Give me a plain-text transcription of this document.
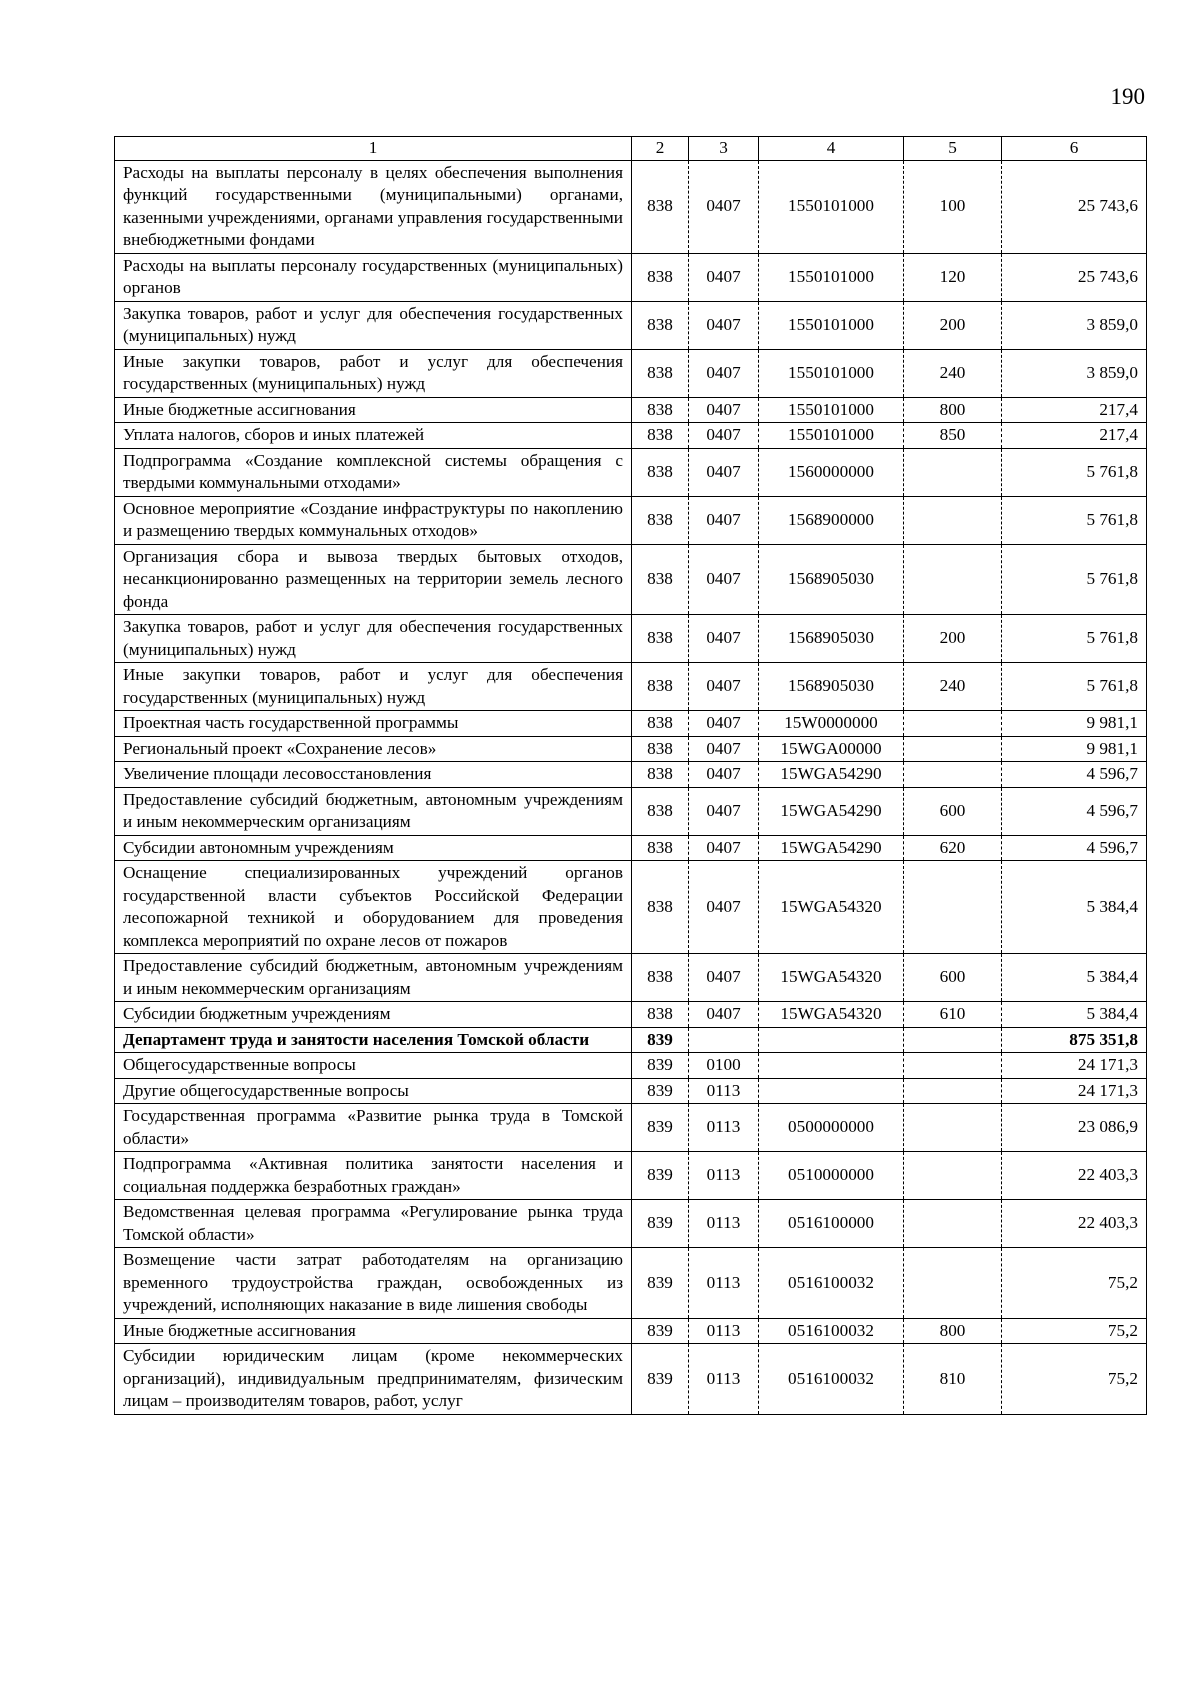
190
1	2	3	4	5	6
Расходы на выплаты персоналу в целях обеспечения выполнения функций государственными (муниципальными) органами, казенными учреждениями, органами управления государственными внебюджетными фондами	838	0407	1550101000	100	25 743,6
Расходы на выплаты персоналу государственных (муниципальных) органов	838	0407	1550101000	120	25 743,6
Закупка товаров, работ и услуг для обеспечения государственных (муниципальных) нужд	838	0407	1550101000	200	3 859,0
Иные закупки товаров, работ и услуг для обеспечения государственных (муниципальных) нужд	838	0407	1550101000	240	3 859,0
Иные бюджетные ассигнования	838	0407	1550101000	800	217,4
Уплата налогов, сборов и иных платежей	838	0407	1550101000	850	217,4
Подпрограмма «Создание комплексной системы обращения с твердыми коммунальными отходами»	838	0407	1560000000		5 761,8
Основное мероприятие «Создание инфраструктуры по накоплению и размещению твердых коммунальных отходов»	838	0407	1568900000		5 761,8
Организация сбора и вывоза твердых бытовых отходов, несанкционированно размещенных на территории земель лесного фонда	838	0407	1568905030		5 761,8
Закупка товаров, работ и услуг для обеспечения государственных (муниципальных) нужд	838	0407	1568905030	200	5 761,8
Иные закупки товаров, работ и услуг для обеспечения государственных (муниципальных) нужд	838	0407	1568905030	240	5 761,8
Проектная часть государственной программы	838	0407	15W0000000		9 981,1
Региональный проект «Сохранение лесов»	838	0407	15WGA00000		9 981,1
Увеличение площади лесовосстановления	838	0407	15WGA54290		4 596,7
Предоставление субсидий бюджетным, автономным учреждениям и иным некоммерческим организациям	838	0407	15WGA54290	600	4 596,7
Субсидии автономным учреждениям	838	0407	15WGA54290	620	4 596,7
Оснащение специализированных учреждений органов государственной власти субъектов Российской Федерации лесопожарной техникой и оборудованием для проведения комплекса мероприятий по охране лесов от пожаров	838	0407	15WGA54320		5 384,4
Предоставление субсидий бюджетным, автономным учреждениям и иным некоммерческим организациям	838	0407	15WGA54320	600	5 384,4
Субсидии бюджетным учреждениям	838	0407	15WGA54320	610	5 384,4
Департамент труда и занятости населения Томской области	839				875 351,8
Общегосударственные вопросы	839	0100			24 171,3
Другие общегосударственные вопросы	839	0113			24 171,3
Государственная программа «Развитие рынка труда в Томской области»	839	0113	0500000000		23 086,9
Подпрограмма «Активная политика занятости населения и социальная поддержка безработных граждан»	839	0113	0510000000		22 403,3
Ведомственная целевая программа «Регулирование рынка труда Томской области»	839	0113	0516100000		22 403,3
Возмещение части затрат работодателям на организацию временного трудоустройства граждан, освобожденных из учреждений, исполняющих наказание в виде лишения свободы	839	0113	0516100032		75,2
Иные бюджетные ассигнования	839	0113	0516100032	800	75,2
Субсидии юридическим лицам (кроме некоммерческих организаций), индивидуальным предпринимателям, физическим лицам – производителям товаров, работ, услуг	839	0113	0516100032	810	75,2
